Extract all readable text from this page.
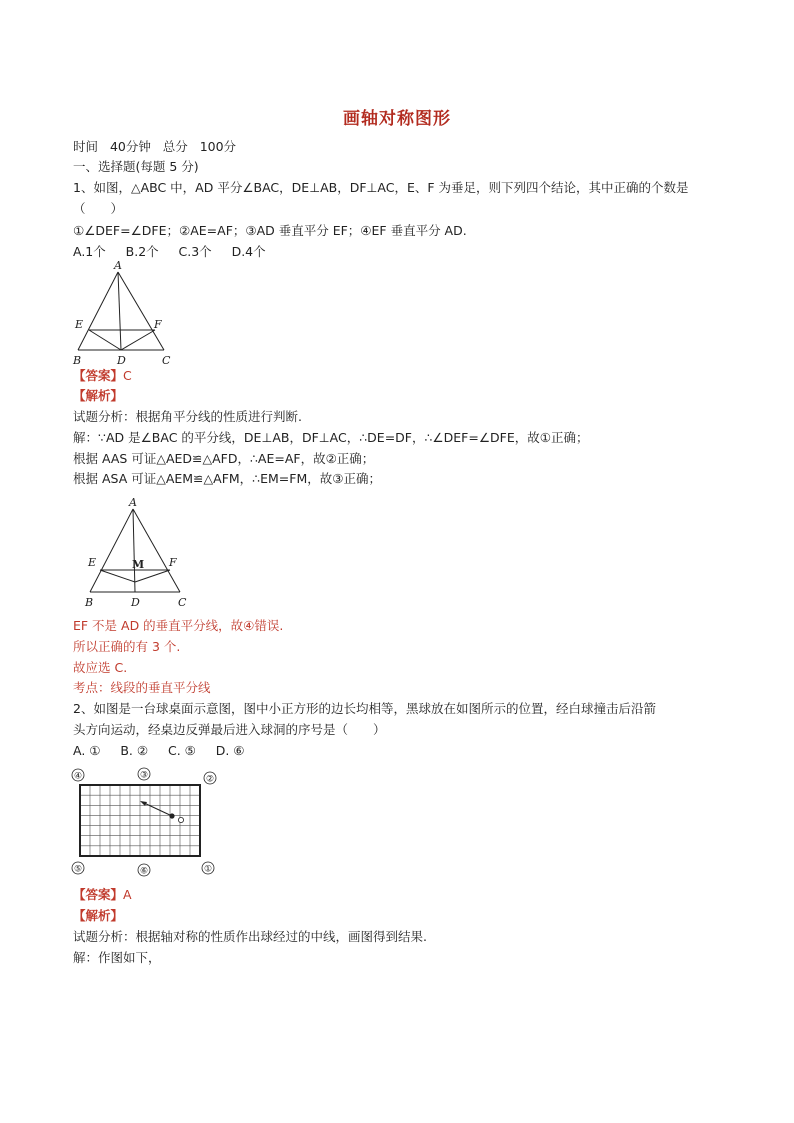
画轴对称图形
时间 40分钟 总分 100分
一、选择题(每题 5 分)
1、如图，△ABC 中，AD 平分∠BAC，DE⊥AB，DF⊥AC，E、F 为垂足，则下列四个结论，其中正确的个数是
（　　）
①∠DEF=∠DFE；②AE=AF；③AD 垂直平分 EF；④EF 垂直平分 AD.
A.1个 B.2个 C.3个 D.4个
A
E	F
B	D	C
【答案】C
【解析】
试题分析：根据角平分线的性质进行判断.
解：∵AD 是∠BAC 的平分线，DE⊥AB，DF⊥AC，∴DE=DF，∴∠DEF=∠DFE，故①正确；
根据 AAS 可证△AED≌△AFD，∴AE=AF，故②正确；
根据 ASA 可证△AEM≌△AFM，∴EM=FM，故③正确；
A
E	F
M
B	D	C
EF 不是 AD 的垂直平分线，故④错误.
所以正确的有 3 个.
故应选 C.
考点：线段的垂直平分线
2、如图是一台球桌面示意图，图中小正方形的边长均相等，黑球放在如图所示的位置，经白球撞击后沿箭
头方向运动，经桌边反弹最后进入球洞的序号是（　　）
A. ① B. ② C. ⑤ D. ⑥
④	③	②
⑤	⑥	①
【答案】A
【解析】
试题分析：根据轴对称的性质作出球经过的中线，画图得到结果.
解：作图如下，
